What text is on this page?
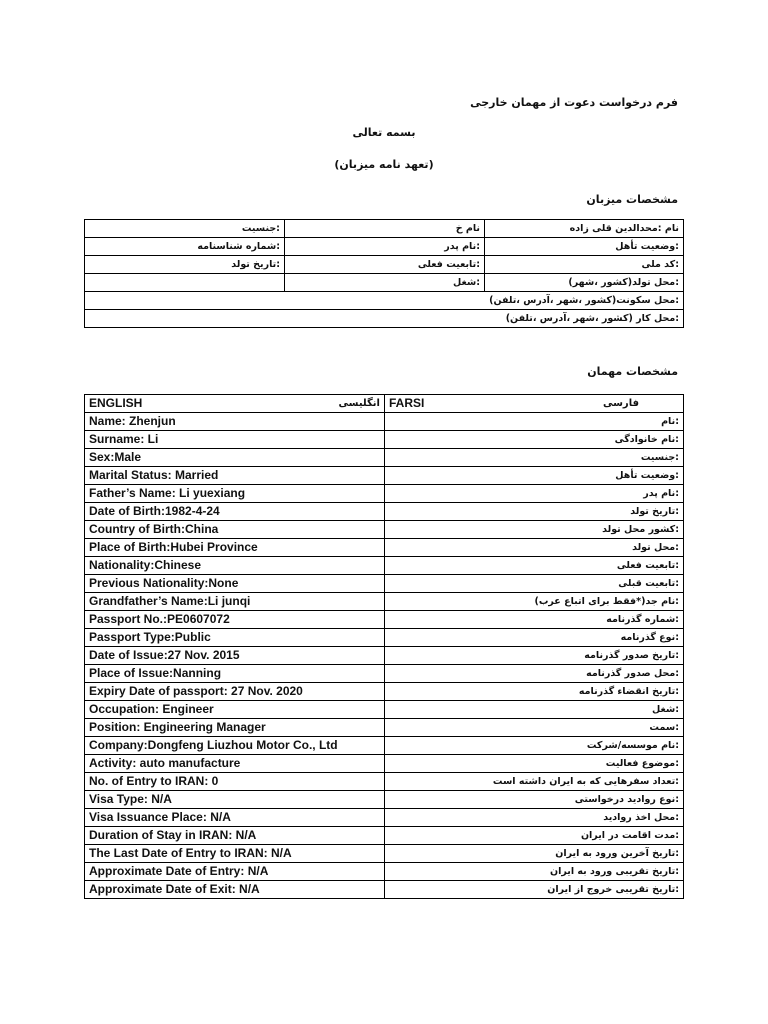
فرم درخواست دعوت از مهمان خارجی
بسمه تعالی
(تعهد نامه میزبان)
مشخصات میزبان
:جنسیت	نام خ	نام :محدالدین قلی زاده
:شماره شناسنامه	:نام پدر	:وضعیت تأهل
:تاریخ تولد	:تابعیت فعلی	:کد ملی
	:شغل	:محل تولد(کشور ،شهر)
:محل سکونت(کشور ،شهر ،آدرس ،تلفن)		
:محل کار (کشور ،شهر ،آدرس ،تلفن)		
مشخصات مهمان
ENGLISH انگلیسی	FARSI فارسی

Name: Zhenjun	:نام
Surname: Li	:نام خانوادگی
Sex:Male	:جنسیت
Marital Status: Married	:وضعیت تأهل
Father’s Name: Li yuexiang	:نام پدر
Date of Birth:1982-4-24	:تاریخ تولد
Country of Birth:China	:کشور محل تولد
Place of Birth:Hubei Province	:محل تولد
Nationality:Chinese	:تابعیت فعلی
Previous Nationality:None	:تابعیت قبلی
Grandfather’s Name:Li junqi	:نام جد(*فقط برای اتباع عرب)
Passport No.:PE0607072	:شماره گذرنامه
Passport Type:Public	:نوع گذرنامه
Date of Issue:27 Nov. 2015	:تاریخ صدور گذرنامه
Place of Issue:Nanning	:محل صدور گذرنامه
Expiry Date of passport: 27 Nov. 2020	:تاریخ انقضاء گذرنامه
Occupation: Engineer	:شغل
Position: Engineering Manager	:سمت
Company:Dongfeng Liuzhou Motor Co., Ltd	:نام موسسه/شرکت
Activity: auto manufacture	:موضوع فعالیت
No. of Entry to IRAN: 0	:تعداد سفرهایی که به ایران داشته است
Visa Type: N/A	:نوع روادید درخواستی
Visa Issuance Place: N/A	:محل اخذ روادید
Duration of Stay in IRAN: N/A	:مدت اقامت در ایران
The Last Date of Entry to IRAN: N/A	:تاریخ آخرین ورود به ایران
Approximate Date of Entry: N/A	:تاریخ تقریبی ورود به ایران
Approximate Date of Exit: N/A	:تاریخ تقریبی خروج از ایران
